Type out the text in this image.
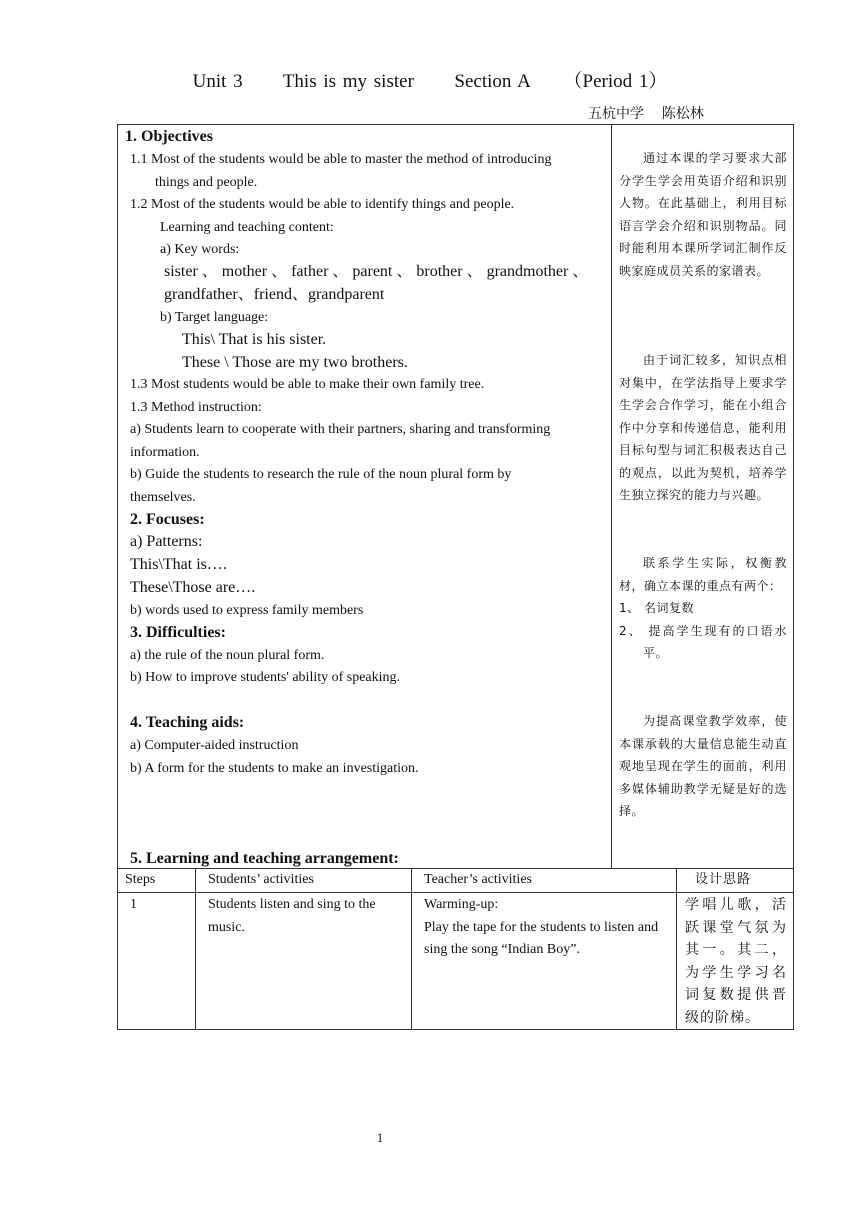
Unit 3      This is my sister      Section A     （Period 1）
五杭中学    陈松林
1. Objectives
1.1 Most of the students would be able to master the method of introducing
things and people.
1.2 Most of the students would be able to identify things and people.
Learning and teaching content:
a) Key words:
sister 、 mother 、 father 、 parent 、 brother 、 grandmother 、
grandfather、friend、grandparent
b) Target language:
This\ That is his sister.
These \ Those are my two brothers.
1.3 Most students would be able to make their own family tree.
1.3 Method instruction:
a) Students learn to cooperate with their partners, sharing and transforming
information.
b) Guide the students to research the rule of the noun plural form by
themselves.
2. Focuses:
a) Patterns:
This\That is….
These\Those are….
b) words used to express family members
3. Difficulties:
a) the rule of the noun plural form.
b) How to improve students' ability of speaking.
4. Teaching aids:
a) Computer-aided instruction
b) A form for the students to make an investigation.
5. Learning and teaching arrangement:

通过本课的学习要求大部分学生学会用英语介绍和识别人物。在此基础上，利用目标语言学会介绍和识别物品。同时能利用本课所学词汇制作反映家庭成员关系的家谱表。

由于词汇较多，知识点相对集中，在学法指导上要求学生学会合作学习，能在小组合作中分享和传递信息，能利用目标句型与词汇积极表达自己的观点，以此为契机，培养学生独立探究的能力与兴趣。

联系学生实际，权衡教材，确立本课的重点有两个：

1、 名词复数
2、 提高学生现有的口语水平。

为提高课堂教学效率，使本课承载的大量信息能生动直观地呈现在学生的面前，利用多媒体辅助教学无疑是好的选择。

Steps	Students’ activities	Teacher’s activities	设计思路
1	Students listen and sing to the music.	Warming-up:
Play the tape for the students to listen and sing the song “Indian Boy”.	学唱儿歌，活跃课堂气氛为其一。其二，为学生学习名词复数提供晋级的阶梯。
1
